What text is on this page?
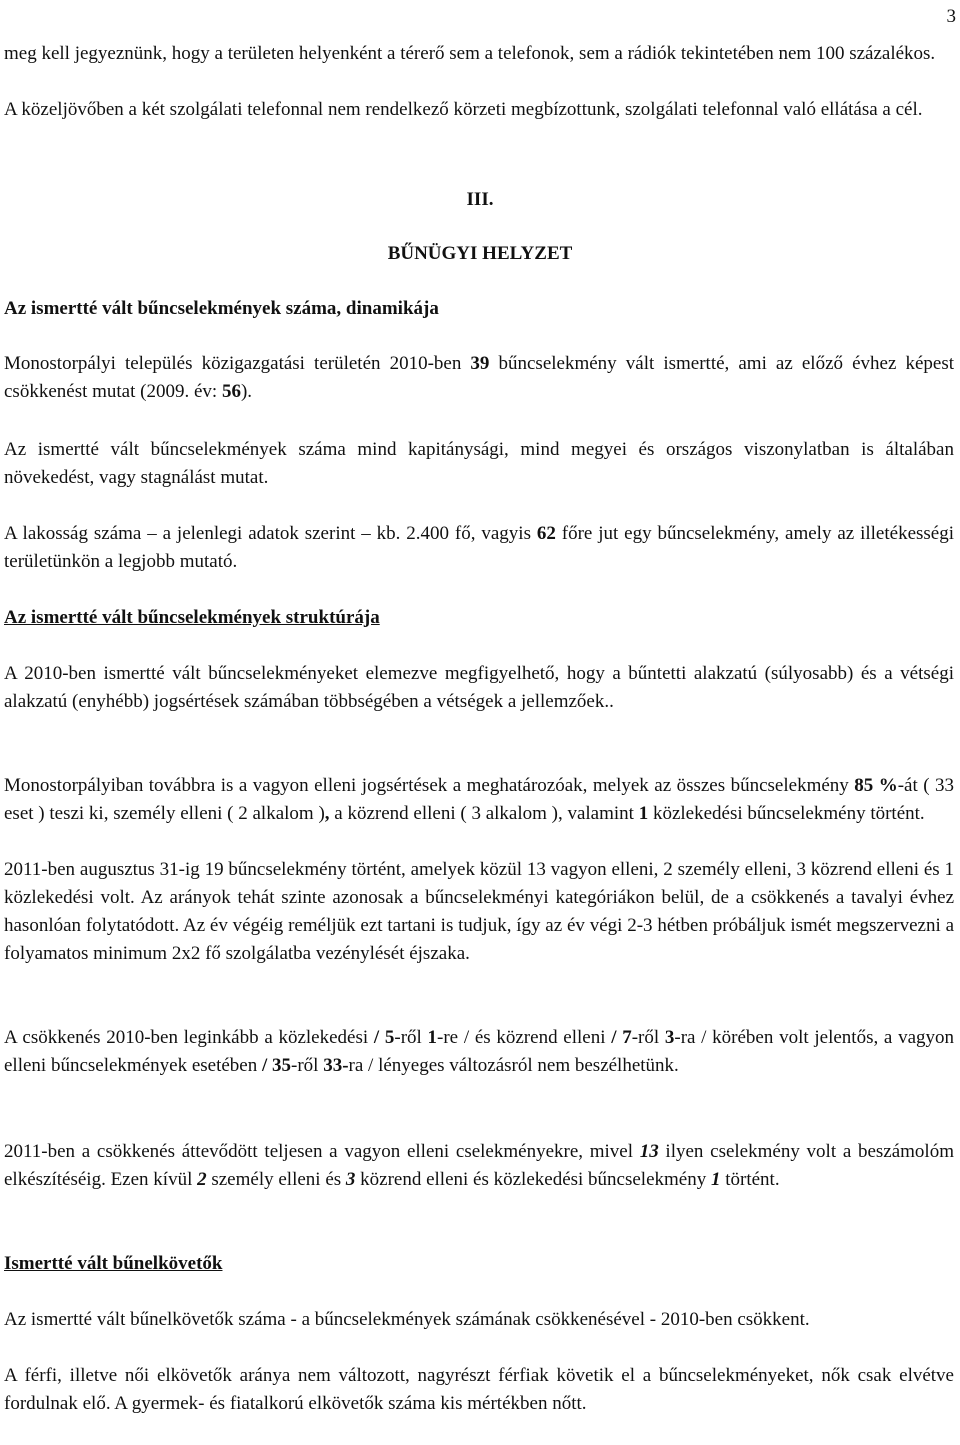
3

meg kell jegyeznünk, hogy a területen helyenként a térerő sem a telefonok, sem a rádiók tekintetében nem 100 százalékos.

A közeljövőben a két szolgálati telefonnal nem rendelkező körzeti megbízottunk, szolgálati telefonnal való ellátása a cél.

III.

BŰNÜGYI HELYZET

Az ismertté vált bűncselekmények száma, dinamikája

Monostorpályi település közigazgatási területén 2010-ben 39 bűncselekmény vált ismertté, ami az előző évhez képest csökkenést mutat (2009. év: 56).

Az ismertté vált bűncselekmények száma mind kapitánysági, mind megyei és országos viszonylatban is általában növekedést, vagy stagnálást mutat.

A lakosság száma – a jelenlegi adatok szerint – kb. 2.400 fő, vagyis 62 főre jut egy bűncselekmény, amely az illetékességi területünkön a legjobb mutató.

Az ismertté vált bűncselekmények struktúrája

A 2010-ben ismertté vált bűncselekményeket elemezve megfigyelhető, hogy a bűntetti alakzatú (súlyosabb) és a vétségi alakzatú (enyhébb) jogsértések számában többségében a vétségek a jellemzőek..

Monostorpályiban továbbra is a vagyon elleni jogsértések a meghatározóak, melyek az összes bűncselekmény 85 %-át ( 33 eset ) teszi ki, személy elleni ( 2 alkalom ), a közrend elleni ( 3 alkalom ), valamint 1 közlekedési bűncselekmény történt.

2011-ben augusztus 31-ig 19 bűncselekmény történt, amelyek közül 13 vagyon elleni, 2 személy elleni, 3 közrend elleni és 1 közlekedési volt. Az arányok tehát szinte azonosak a bűncselekményi kategóriákon belül, de a csökkenés a tavalyi évhez hasonlóan folytatódott. Az év végéig reméljük ezt tartani is tudjuk, így az év végi 2-3 hétben próbáljuk ismét megszervezni a folyamatos minimum 2x2 fő szolgálatba vezénylését éjszaka.

A csökkenés 2010-ben leginkább a közlekedési / 5-ről 1-re / és közrend elleni / 7-ről 3-ra / körében volt jelentős, a vagyon elleni bűncselekmények esetében / 35-ről 33-ra / lényeges változásról nem beszélhetünk.

2011-ben a csökkenés áttevődött teljesen a vagyon elleni cselekményekre, mivel 13 ilyen cselekmény volt a beszámolóm elkészítéséig. Ezen kívül 2 személy elleni és 3 közrend elleni és közlekedési bűncselekmény 1 történt.

Ismertté vált bűnelkövetők

Az ismertté vált bűnelkövetők száma - a bűncselekmények számának csökkenésével - 2010-ben csökkent.

A férfi, illetve női elkövetők aránya nem változott, nagyrészt férfiak követik el a bűncselekményeket, nők csak elvétve fordulnak elő. A gyermek- és fiatalkorú elkövetők száma kis mértékben nőtt.
